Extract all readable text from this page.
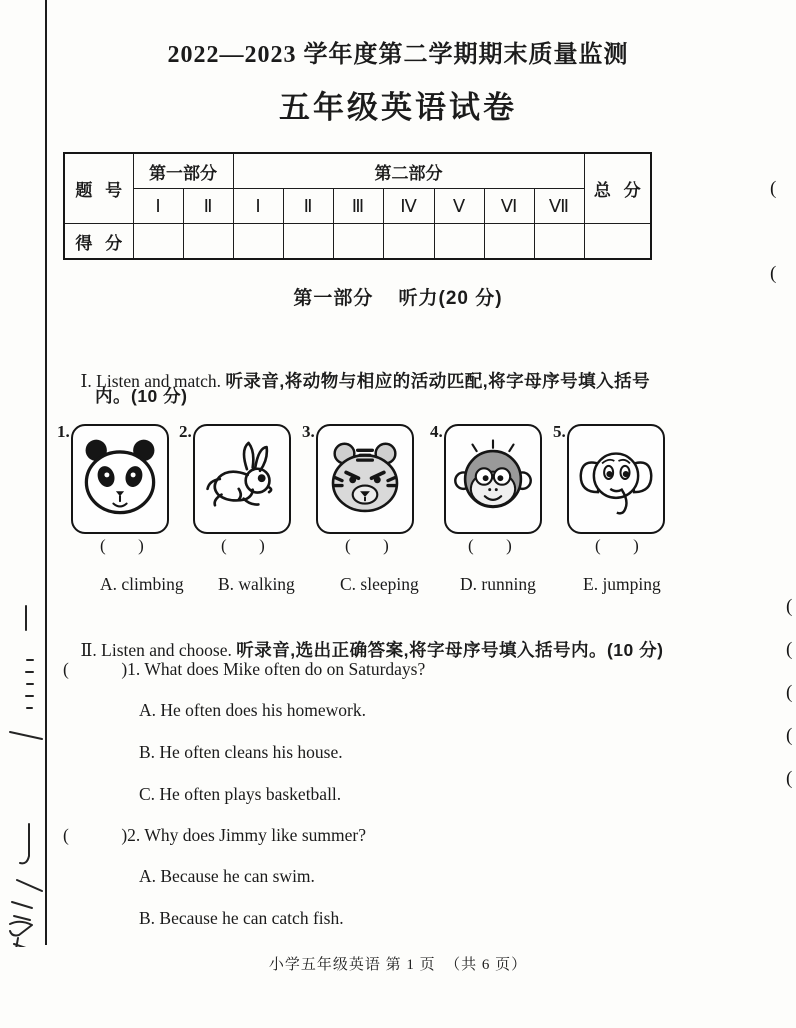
(
(
(
(
(
(
(
2022—2023 学年度第二学期期末质量监测
五年级英语试卷
题   号	第一部分		第二部分							总   分
	Ⅰ	Ⅱ	Ⅰ	Ⅱ	Ⅲ	Ⅳ	Ⅴ	Ⅵ	Ⅶ	
得   分										
第一部分    听力(20 分)

Ⅰ. Listen and match. 听录音,将动物与相应的活动匹配,将字母序号填入括号

内。(10 分)
1.	2.	3.	4.	5.
(      )	(      )	(      )	(      )	(      )
A. climbing B. walking	C. sleeping D. running	E. jumping

Ⅱ. Listen and choose. 听录音,选出正确答案,将字母序号填入括号内。(10 分)

(            )1. What does Mike often do on Saturdays?
A. He often does his homework.
B. He often cleans his house.
C. He often plays basketball.
(            )2. Why does Jimmy like summer?
A. Because he can swim.
B. Because he can catch fish.
小学五年级英语 第 1 页  （共 6 页）
